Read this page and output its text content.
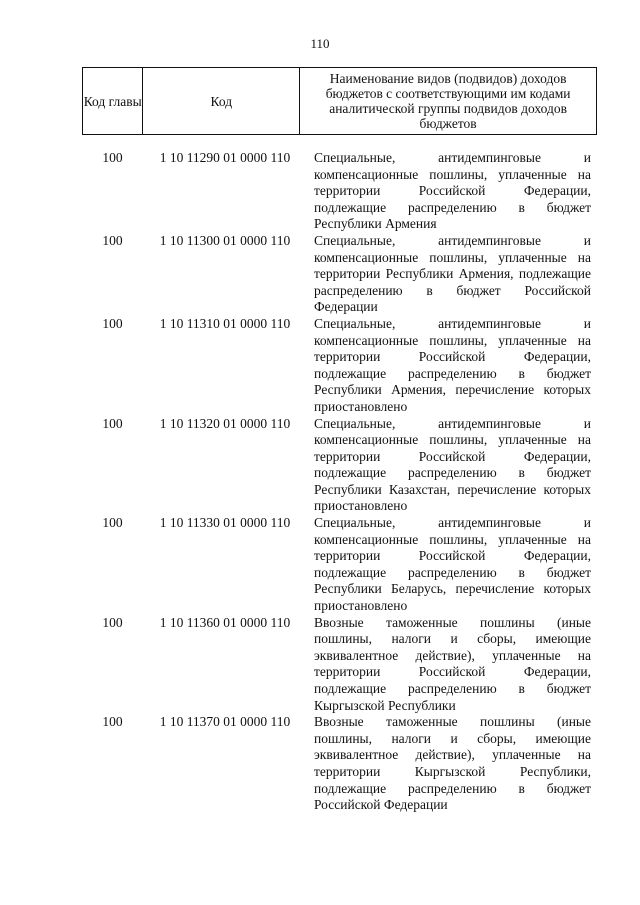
110
Код главы	Код	Наименование видов (подвидов) доходов бюджетов с соответствующими им кодами аналитической группы подвидов доходов бюджетов
100	1 10 11290 01 0000 110	Специальные, антидемпинговые и компенсационные пошлины, уплаченные на территории Российской Федерации, подлежащие распределению в бюджет Республики Армения
100	1 10 11300 01 0000 110	Специальные, антидемпинговые и компенсационные пошлины, уплаченные на территории Республики Армения, подлежащие распределению в бюджет Российской Федерации
100	1 10 11310 01 0000 110	Специальные, антидемпинговые и компенсационные пошлины, уплаченные на территории Российской Федерации, подлежащие распределению в бюджет Республики Армения, перечисление которых приостановлено
100	1 10 11320 01 0000 110	Специальные, антидемпинговые и компенсационные пошлины, уплаченные на территории Российской Федерации, подлежащие распределению в бюджет Республики Казахстан, перечисление которых приостановлено
100	1 10 11330 01 0000 110	Специальные, антидемпинговые и компенсационные пошлины, уплаченные на территории Российской Федерации, подлежащие распределению в бюджет Республики Беларусь, перечисление которых приостановлено
100	1 10 11360 01 0000 110	Ввозные таможенные пошлины (иные пошлины, налоги и сборы, имеющие эквивалентное действие), уплаченные на территории Российской Федерации, подлежащие распределению в бюджет Кыргызской Республики
100	1 10 11370 01 0000 110	Ввозные таможенные пошлины (иные пошлины, налоги и сборы, имеющие эквивалентное действие), уплаченные на территории Кыргызской Республики, подлежащие распределению в бюджет Российской Федерации
